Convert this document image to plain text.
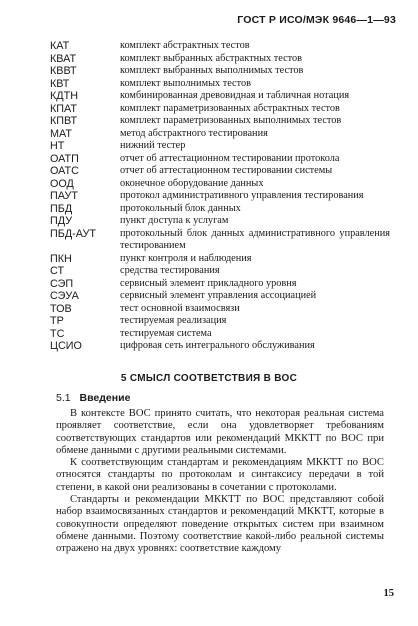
ГОСТ Р ИСО/МЭК 9646—1—93
КАТ	комплект абстрактных тестов
КВАТ	комплект выбранных абстрактных тестов
КВВТ	комплект выбранных выполнимых тестов
КВТ	комплект выполнимых тестов
КДТН	комбинированная древовидная и табличная нотация
КПАТ	комплект параметризованных абстрактных тестов
КПВТ	комплект параметризованных выполнимых тестов
МАТ	метод абстрактного тестирования
НТ	нижний тестер
ОАТП	отчет об аттестационном тестировании протокола
ОАТС	отчет об аттестационном тестировании системы
ООД	оконечное оборудование данных
ПАУТ	протокол административного управления тестирования
ПБД	протокольный блок данных
ПДУ	пункт доступа к услугам
ПБД-АУТ	протокольный блок данных административного управления тестированием
ПКН	пункт контроля и наблюдения
СТ	средства тестирования
СЭП	сервисный элемент прикладного уровня
СЭУА	сервисный элемент управления ассоциацией
ТОВ	тест основной взаимосвязи
ТР	тестируемая реализация
ТС	тестируемая система
ЦСИО	цифровая сеть интегрального обслуживания
5 СМЫСЛ СООТВЕТСТВИЯ В ВОС
5.1 Введение

В контексте ВОС принято считать, что некоторая реальная система проявляет соответствие, если она удовлетворяет требованиям соответствующих стандартов или рекомендаций МККТТ по ВОС при обмене данными с другими реальными системами.

К соответствующим стандартам и рекомендациям МККТТ по ВОС относятся стандарты по протоколам и синтаксису передачи в той степени, в какой они реализованы в сочетании с протоколами.

Стандарты и рекомендации МККТТ по ВОС представляют собой набор взаимосвязанных стандартов и рекомендаций МККТТ, которые в совокупности определяют поведение открытых систем при взаимном обмене данными. Поэтому соответствие какой-либо реальной системы отражено на двух уровнях: соответствие каждому

15
